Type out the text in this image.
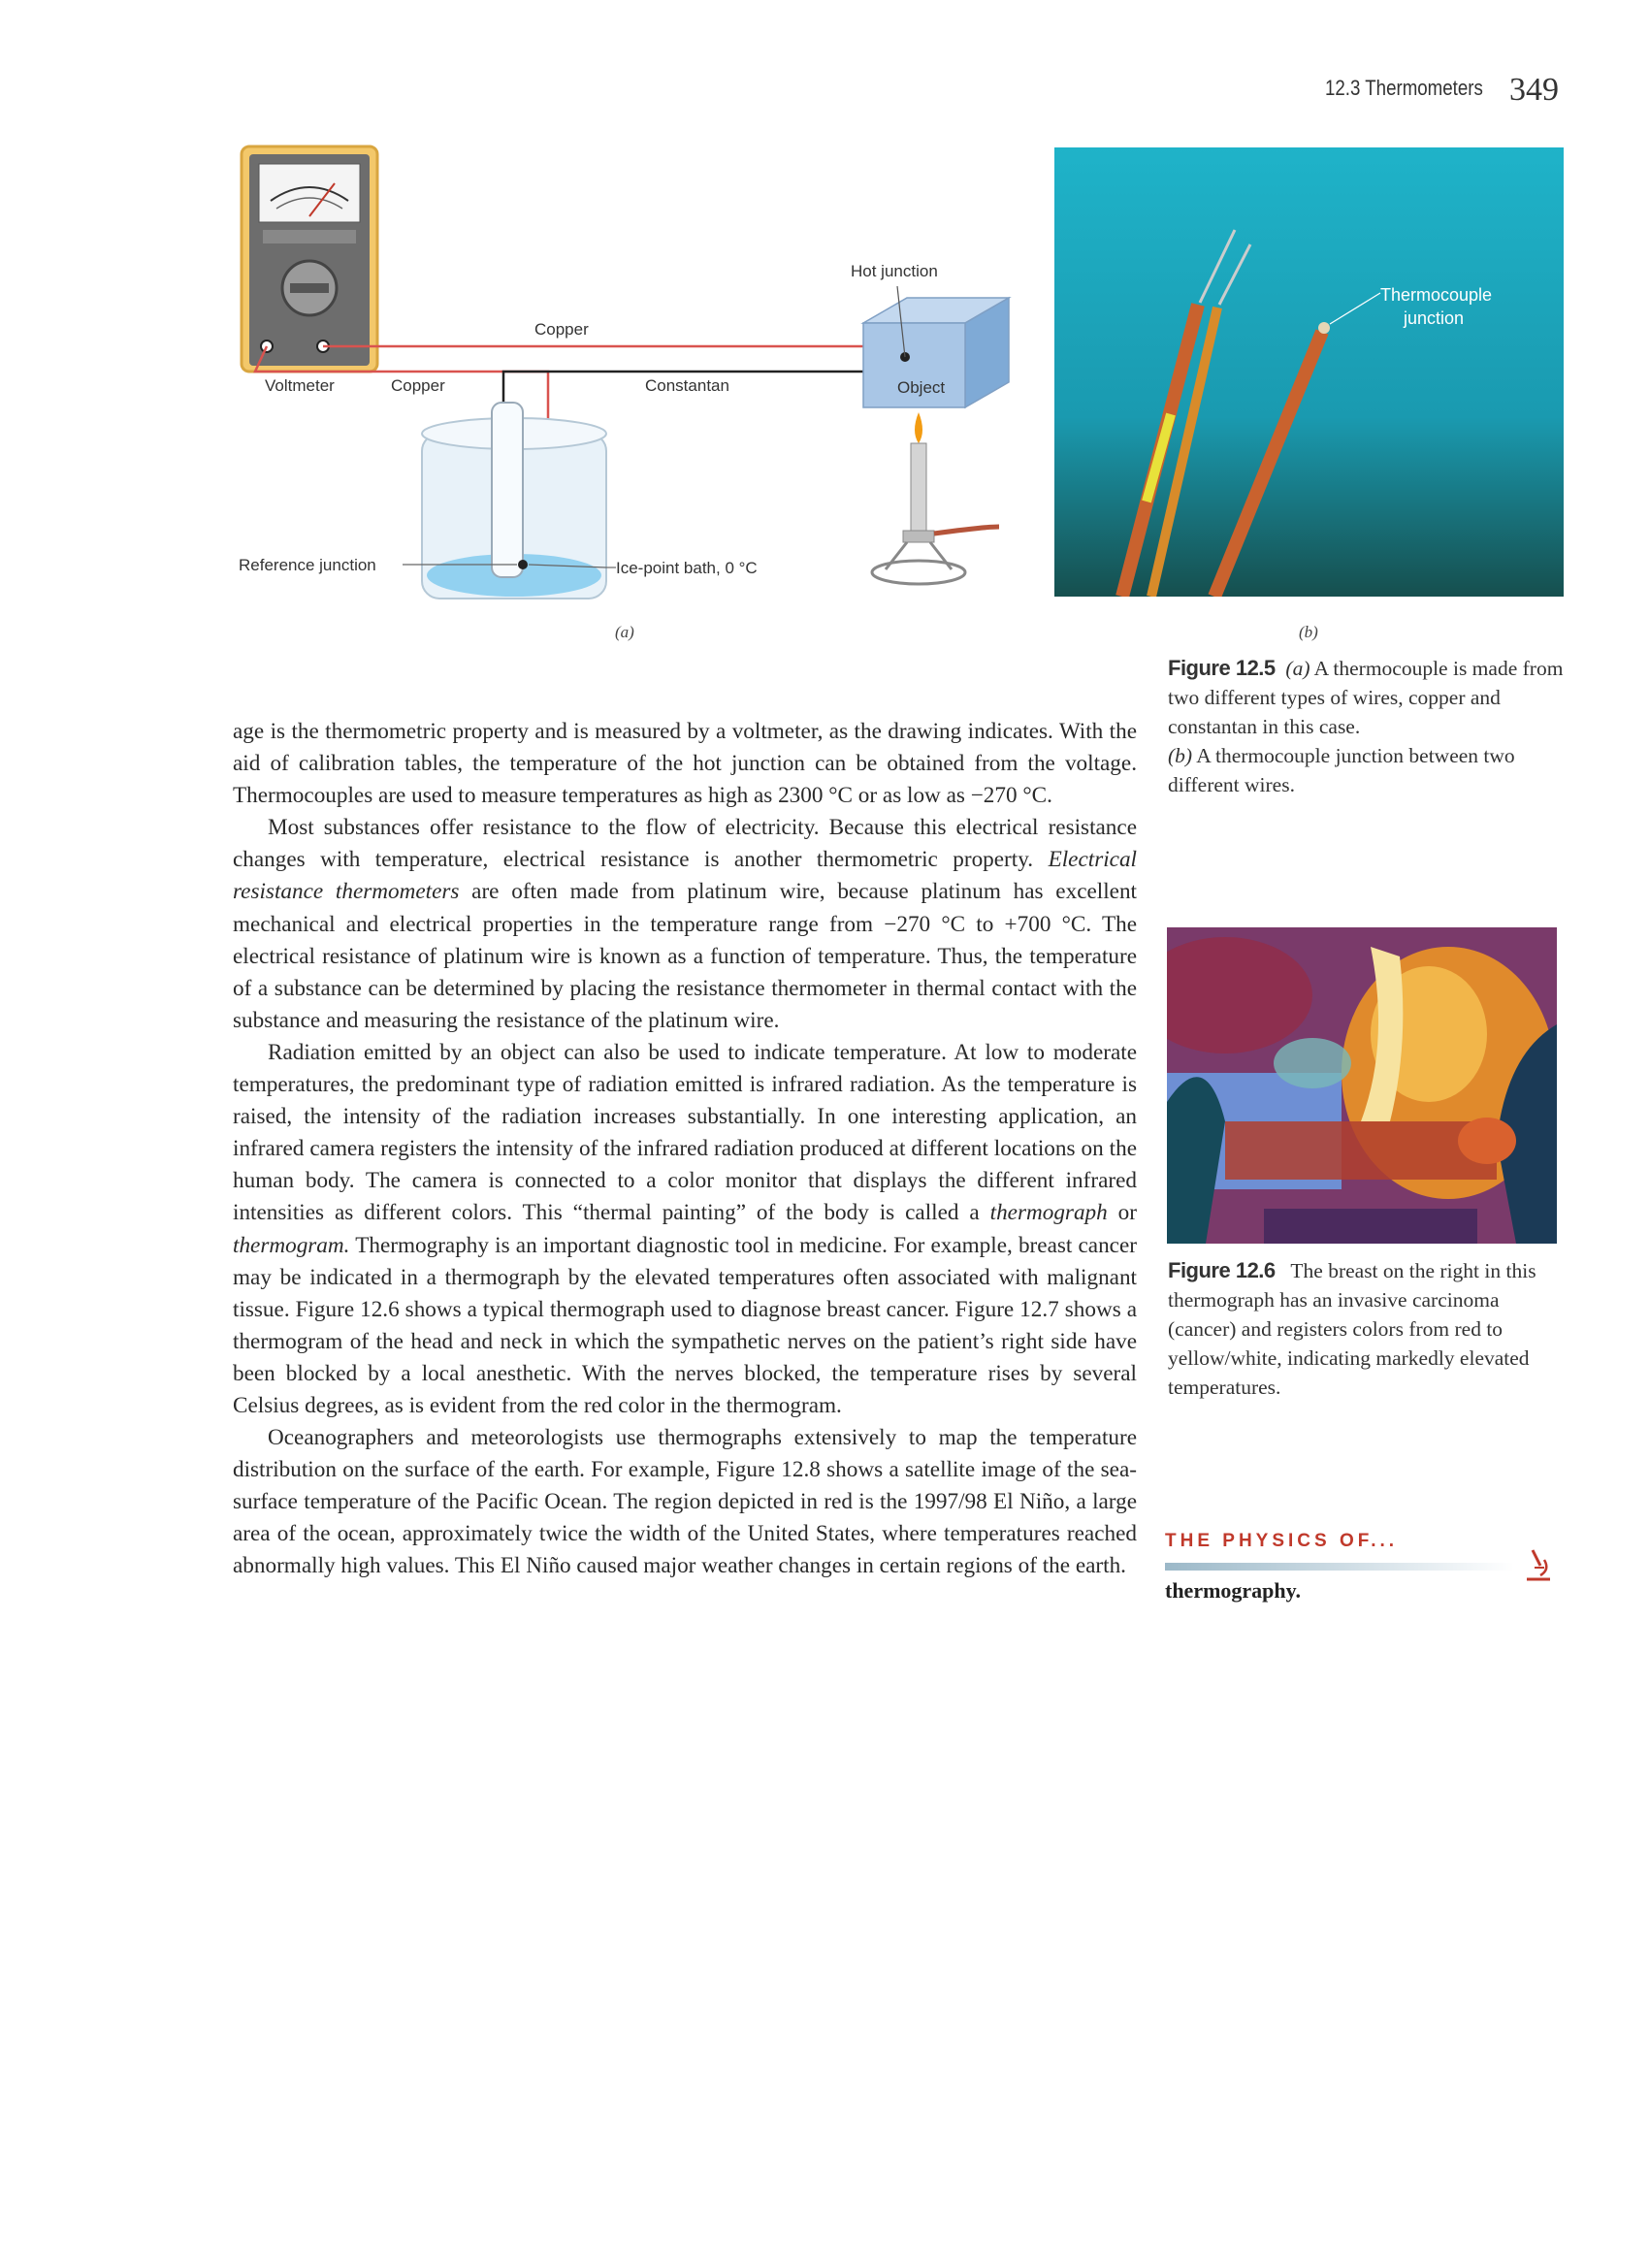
12.3 Thermometers 349
Hot junction
Copper
Voltmeter	Copper	Constantan	Object
Reference junction	Ice-point bath, 0 °C
(a)
Thermocouple
junction
(b)
Figure 12.5 (a) A thermocouple is made from two different types of wires, copper and constantan in this case.
(b) A thermocouple junction between two different wires.
Figure 12.6   The breast on the right in this thermograph has an invasive carcinoma (cancer) and registers colors from red to yellow/white, indicating markedly elevated temperatures.
THE PHYSICS OF...
thermography.

age is the thermometric property and is measured by a voltmeter, as the drawing indicates. With the aid of calibration tables, the temperature of the hot junction can be obtained from the voltage. Thermocouples are used to measure temperatures as high as 2300 °C or as low as −270 °C.

Most substances offer resistance to the flow of electricity. Because this electrical resistance changes with temperature, electrical resistance is another thermometric property. Electrical resistance thermometers are often made from platinum wire, because platinum has excellent mechanical and electrical properties in the temperature range from −270 °C to +700 °C. The electrical resistance of platinum wire is known as a function of temperature. Thus, the temperature of a substance can be determined by placing the resistance thermometer in thermal contact with the substance and measuring the resistance of the platinum wire.

Radiation emitted by an object can also be used to indicate temperature. At low to moderate temperatures, the predominant type of radiation emitted is infrared radiation. As the temperature is raised, the intensity of the radiation increases substantially. In one interesting application, an infrared camera registers the intensity of the infrared radiation produced at different locations on the human body. The camera is connected to a color monitor that displays the different infrared intensities as different colors. This “thermal painting” of the body is called a thermograph or thermogram. Thermography is an important diagnostic tool in medicine. For example, breast cancer may be indicated in a thermograph by the elevated temperatures often associated with malignant tissue. Figure 12.6 shows a typical thermograph used to diagnose breast cancer. Figure 12.7 shows a thermogram of the head and neck in which the sympathetic nerves on the patient’s right side have been blocked by a local anesthetic. With the nerves blocked, the temperature rises by several Celsius degrees, as is evident from the red color in the thermogram.

Oceanographers and meteorologists use thermographs extensively to map the temperature distribution on the surface of the earth. For example, Figure 12.8 shows a satellite image of the sea-surface temperature of the Pacific Ocean. The region depicted in red is the 1997/98 El Niño, a large area of the ocean, approximately twice the width of the United States, where temperatures reached abnormally high values. This El Niño caused major weather changes in certain regions of the earth.
